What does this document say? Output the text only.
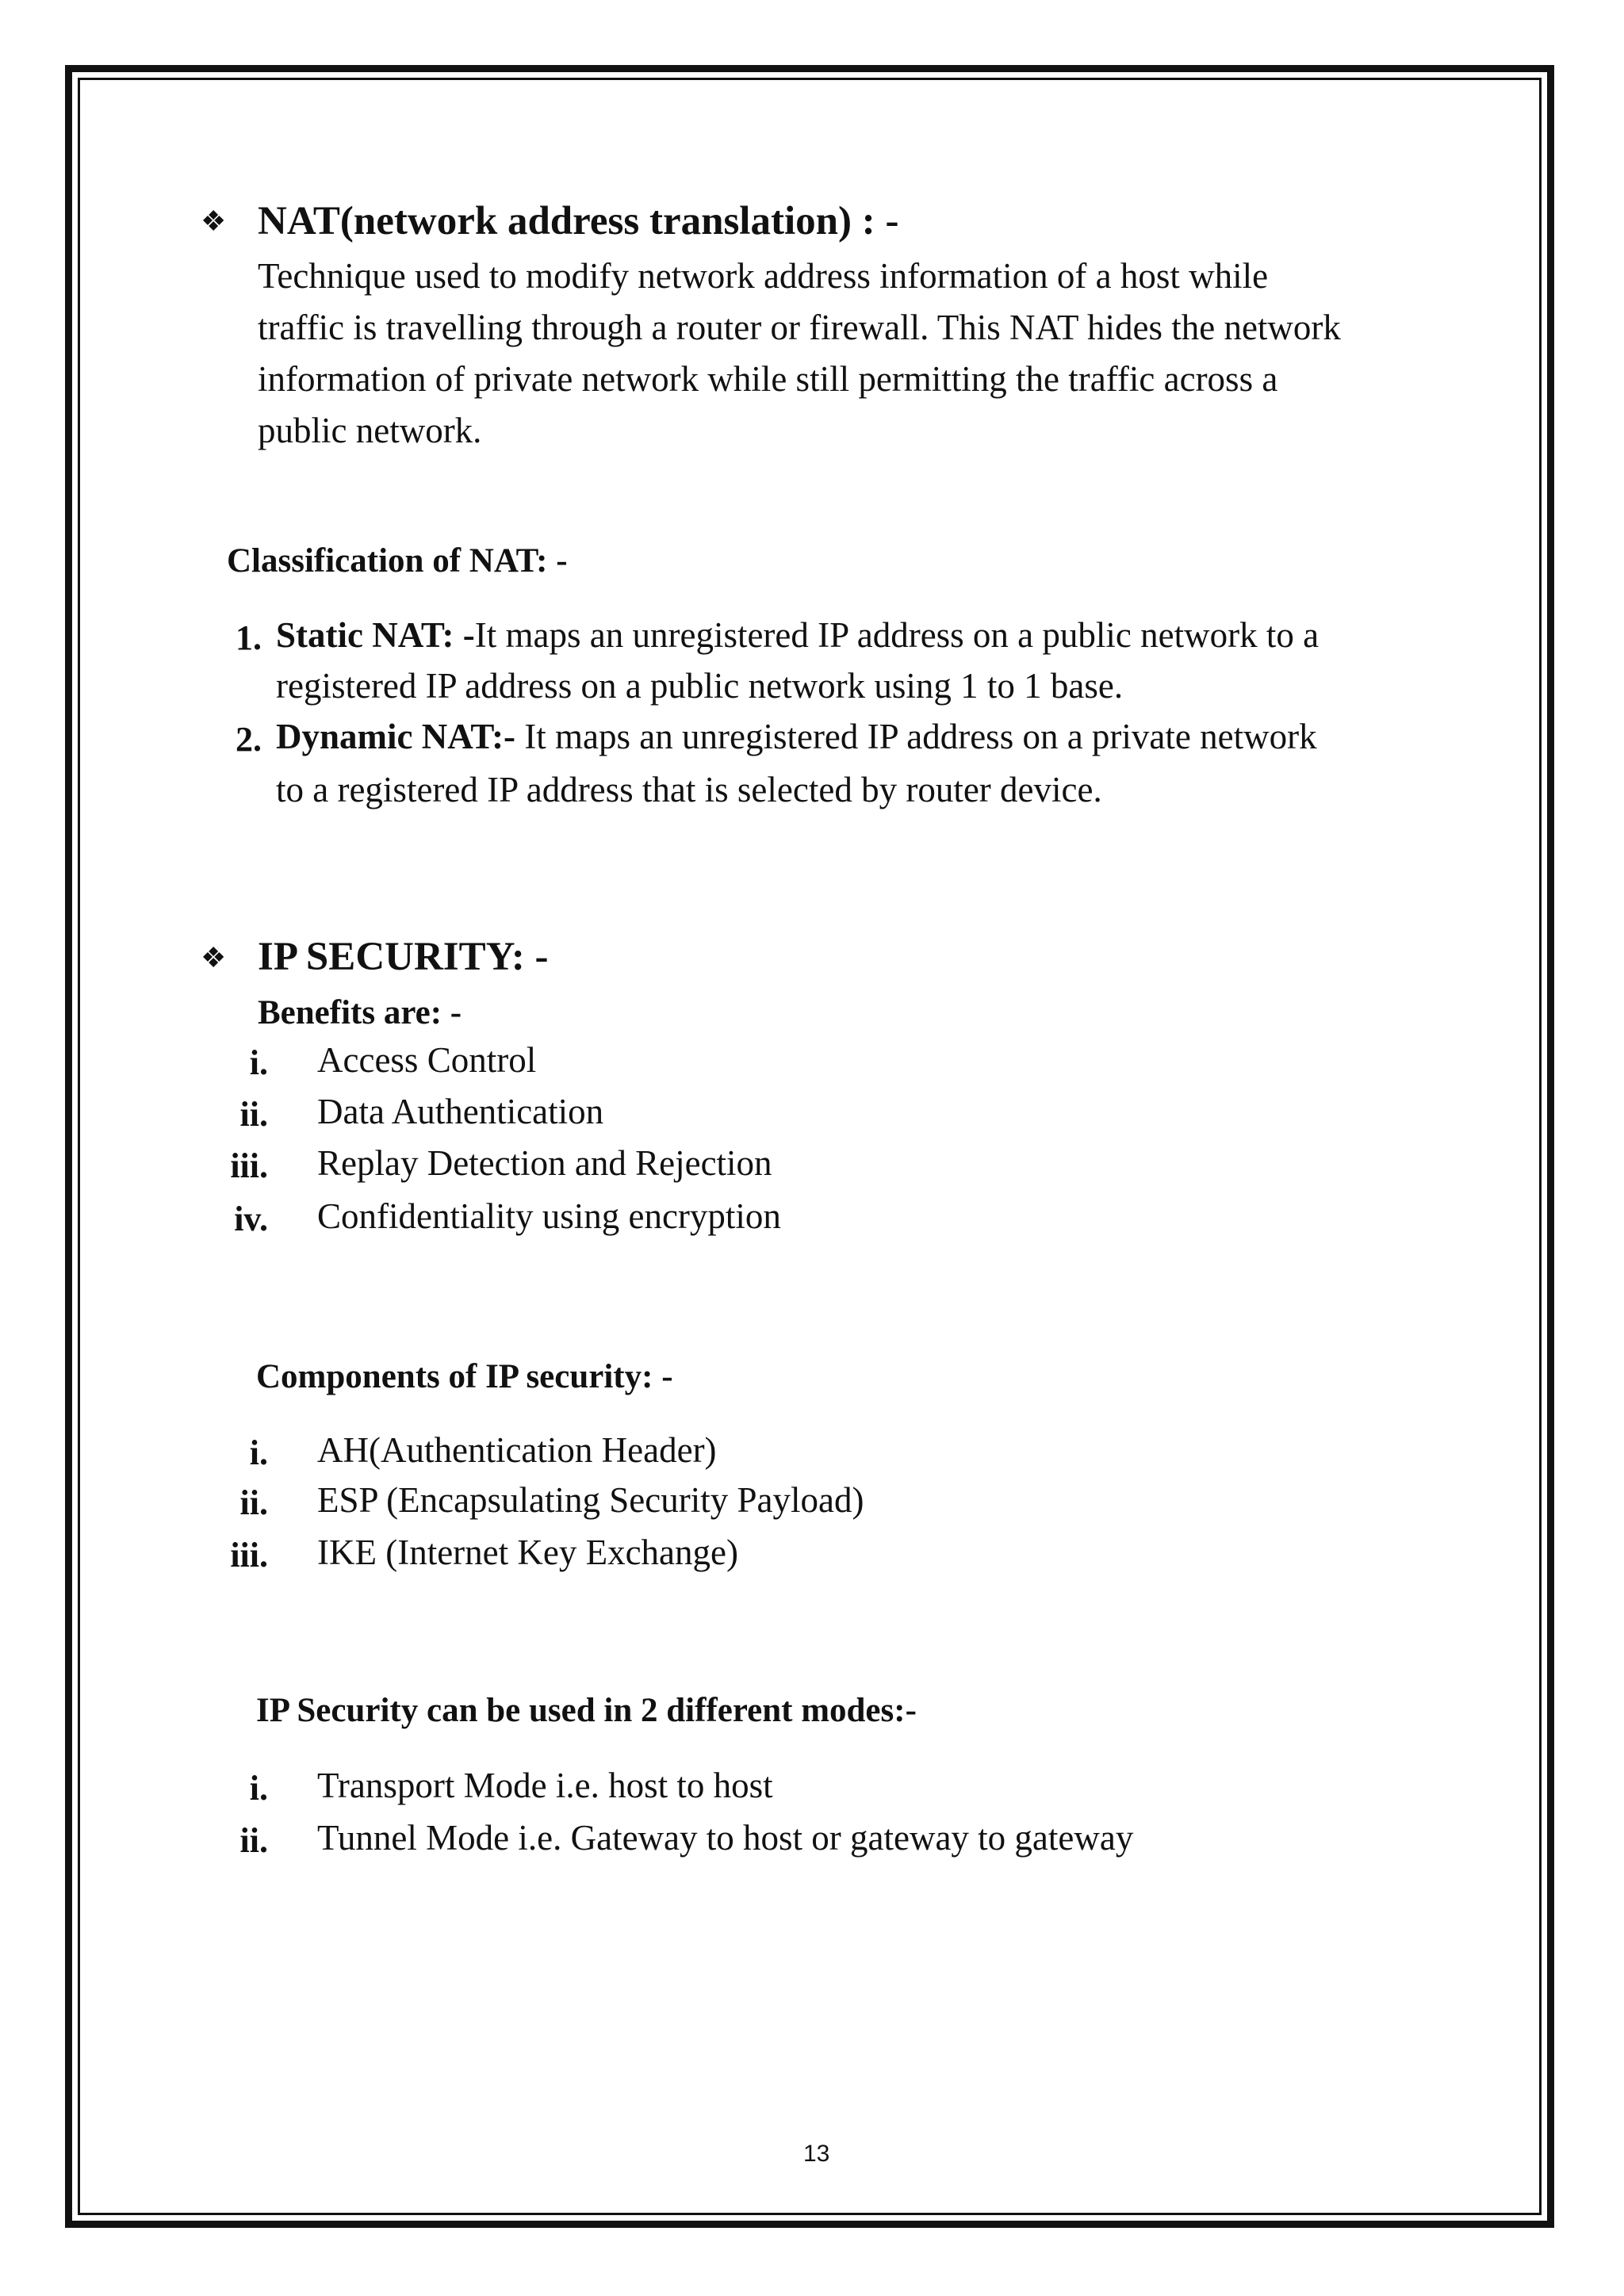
❖ NAT(network address translation) : -
Technique used to modify network address information of a host while
traffic is travelling through a router or firewall. This NAT hides the network
information of private network while still permitting the traffic across a
public network.
Classification of NAT: -
1. Static NAT: -It maps an unregistered IP address on a public network to a
registered IP address on a public network using 1 to 1 base.
2. Dynamic NAT:- It maps an unregistered IP address on a private network
to a registered IP address that is selected by router device.
❖ IP SECURITY: -
Benefits are: -
i. Access Control
ii. Data Authentication
iii. Replay Detection and Rejection
iv. Confidentiality using encryption
Components of IP security: -
i. AH(Authentication Header)
ii. ESP (Encapsulating Security Payload)
iii. IKE (Internet Key Exchange)
IP Security can be used in 2 different modes:-
i. Transport Mode i.e. host to host
ii. Tunnel Mode i.e. Gateway to host or gateway to gateway
13
